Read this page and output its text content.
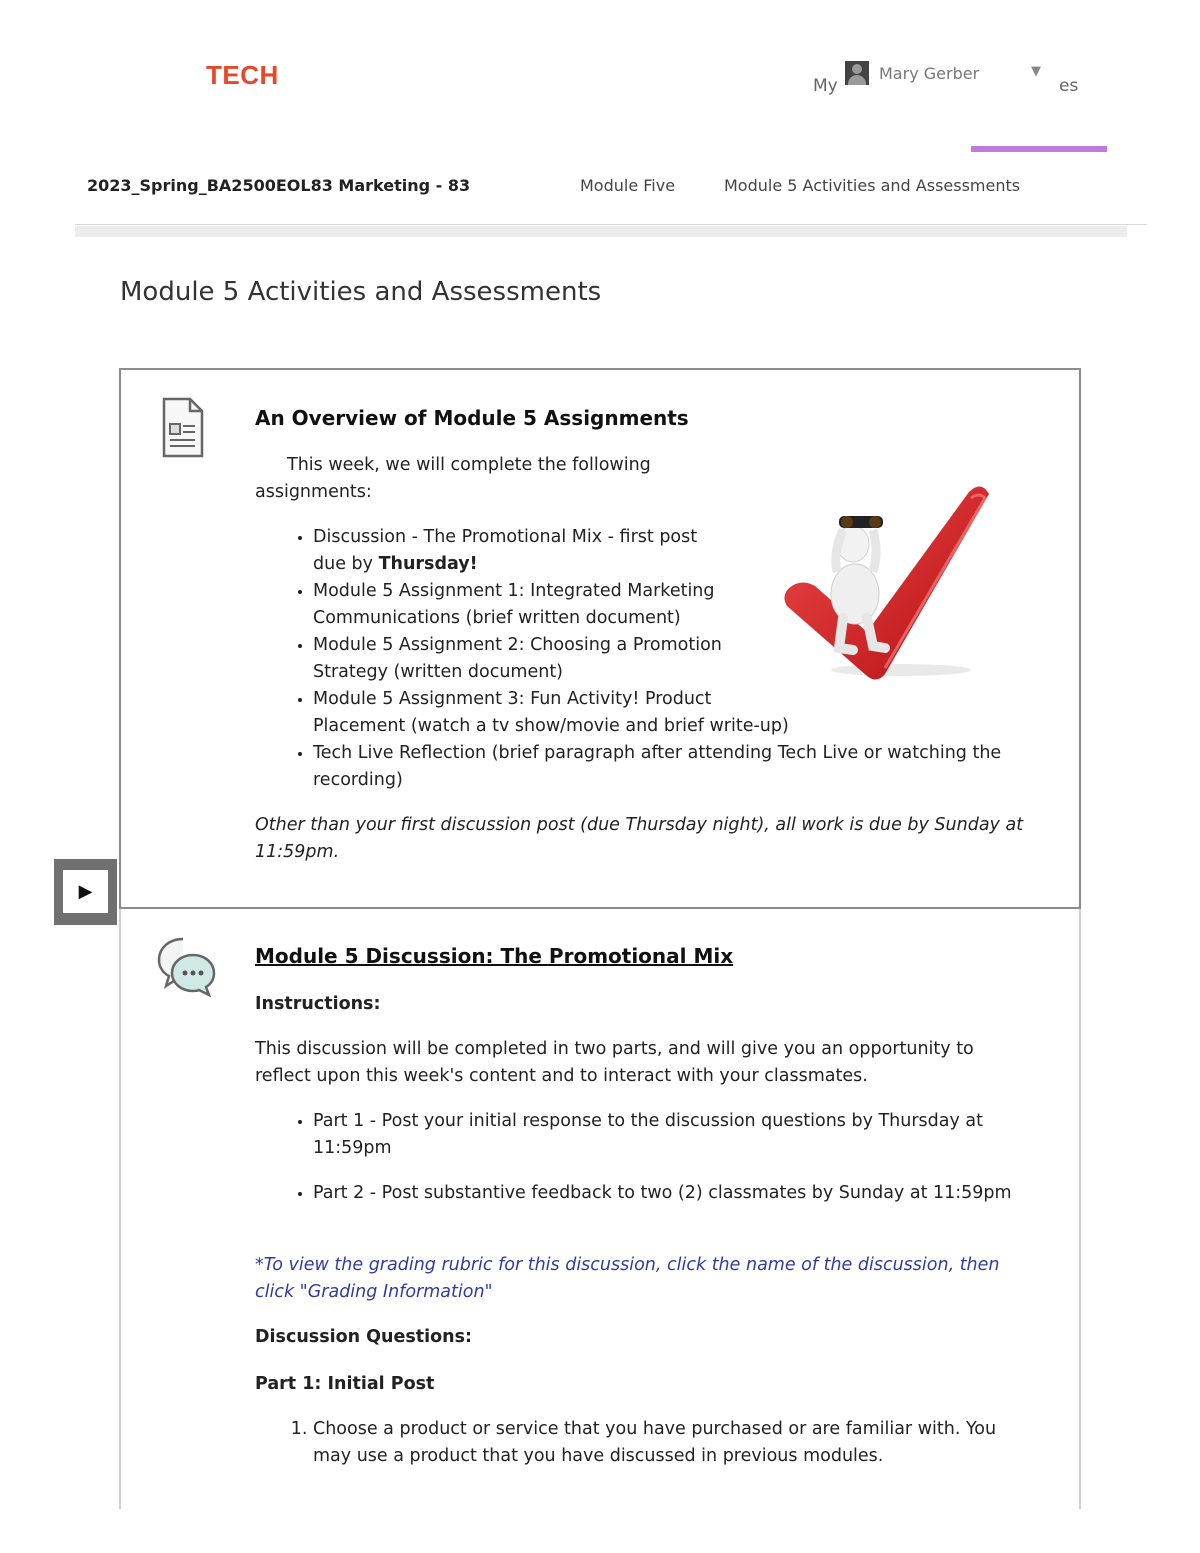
TECH	My	es
Mary Gerber	▼
2023_Spring_BA2500EOL83 Marketing - 83	Module Five	Module 5 Activities and Assessments
Module 5 Activities and Assessments
An Overview of Module 5 Assignments

This week, we will complete the following
assignments:

• Discussion - The Promotional Mix - first post
due by Thursday!
• Module 5 Assignment 1: Integrated Marketing
Communications (brief written document)
• Module 5 Assignment 2: Choosing a Promotion
Strategy (written document)
• Module 5 Assignment 3: Fun Activity! Product
Placement (watch a tv show/movie and brief write-up)
• Tech Live Reflection (brief paragraph after attending Tech Live or watching the
recording)

Other than your first discussion post (due Thursday night), all work is due by Sunday at 11:59pm.

▶
Module 5 Discussion: The Promotional Mix

Instructions:

This discussion will be completed in two parts, and will give you an opportunity to reflect upon this week's content and to interact with your classmates.

• Part 1 - Post your initial response to the discussion questions by Thursday at 11:59pm
• Part 2 - Post substantive feedback to two (2) classmates by Sunday at 11:59pm

*To view the grading rubric for this discussion, click the name of the discussion, then click "Grading Information"

Discussion Questions:

Part 1: Initial Post

1. Choose a product or service that you have purchased or are familiar with. You may use a product that you have discussed in previous modules.
